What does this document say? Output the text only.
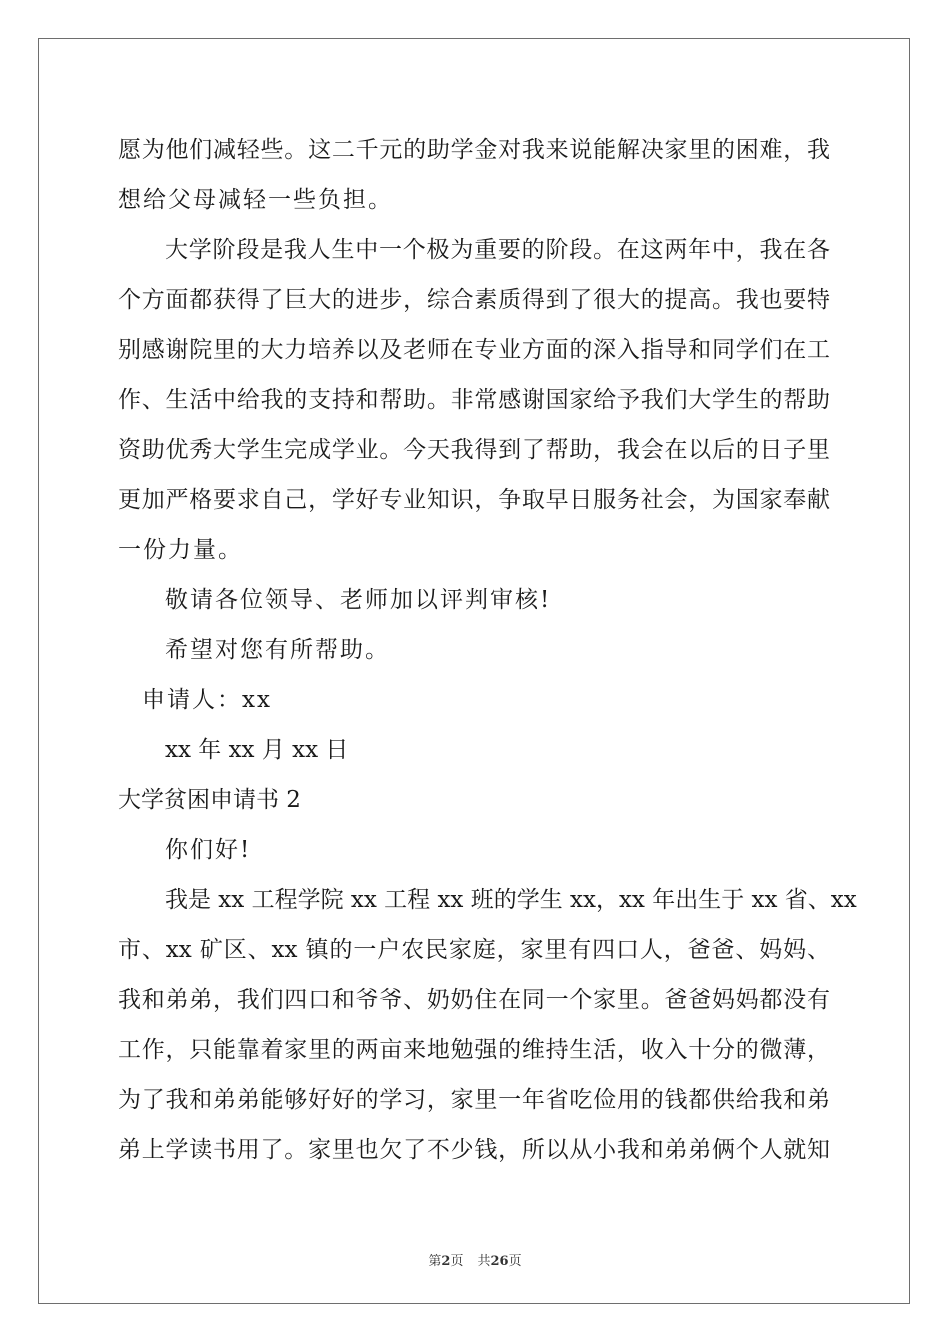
愿为他们减轻些。这二千元的助学金对我来说能解决家里的困难，我
想给父母减轻一些负担。
大学阶段是我人生中一个极为重要的阶段。在这两年中，我在各
个方面都获得了巨大的进步，综合素质得到了很大的提高。我也要特
别感谢院里的大力培养以及老师在专业方面的深入指导和同学们在工
作、生活中给我的支持和帮助。非常感谢国家给予我们大学生的帮助
资助优秀大学生完成学业。今天我得到了帮助，我会在以后的日子里
更加严格要求自己，学好专业知识，争取早日服务社会，为国家奉献
一份力量。
敬请各位领导、老师加以评判审核!
希望对您有所帮助。
申请人：xx
xx 年 xx 月 xx 日
大学贫困申请书 2
你们好!
我是 xx 工程学院 xx 工程 xx 班的学生 xx，xx 年出生于 xx 省、xx
市、xx 矿区、xx 镇的一户农民家庭，家里有四口人，爸爸、妈妈、
我和弟弟，我们四口和爷爷、奶奶住在同一个家里。爸爸妈妈都没有
工作，只能靠着家里的两亩来地勉强的维持生活，收入十分的微薄，
为了我和弟弟能够好好的学习，家里一年省吃俭用的钱都供给我和弟
弟上学读书用了。家里也欠了不少钱，所以从小我和弟弟俩个人就知
第2页 共26页
